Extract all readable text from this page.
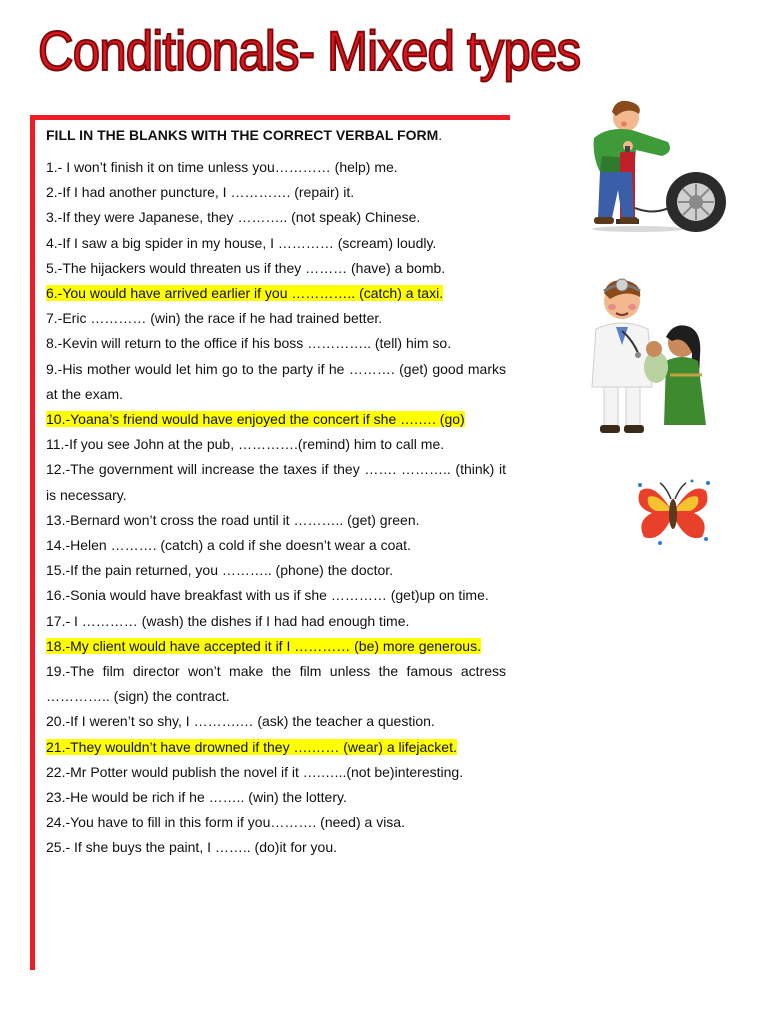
Conditionals- Mixed types

FILL IN THE BLANKS WITH THE CORRECT VERBAL FORM.

1.- I won’t finish it on time unless you………… (help) me.
2.-If I had another puncture, I …………. (repair) it.
3.-If they were Japanese, they ……….. (not speak) Chinese.
4.-If I saw a big spider in my house, I ………… (scream) loudly.
5.-The hijackers would threaten us if they ……… (have) a bomb.
6.-You would have arrived earlier if you ………….. (catch) a taxi.
7.-Eric ………… (win) the race if he had trained better.
8.-Kevin will return to the office if his boss ………….. (tell) him so.
9.-His mother would let him go to the party if he ………. (get) good marks at the exam.
10.-Yoana’s friend would have enjoyed the concert if she ….…. (go)
11.-If you see John at the pub, ………….(remind) him to call me.
12.-The government will increase the taxes if they ……. ……….. (think) it is necessary.
13.-Bernard won’t cross the road until it ……….. (get) green.
14.-Helen ………. (catch) a cold if she doesn’t wear a coat.
15.-If the pain returned, you ……….. (phone) the doctor.
16.-Sonia would have breakfast with us if she ………… (get)up on time.
17.- I ………… (wash) the dishes if I had had enough time.
18.-My client would have accepted it if I ………… (be) more generous.
19.-The film director won’t make the film unless the famous actress ………….. (sign) the contract.
20.-If I weren’t so shy, I ……….… (ask) the teacher a question.
21.-They wouldn’t have drowned if they ….…… (wear) a lifejacket.
22.-Mr Potter would publish the novel if it ….…...(not be)interesting.
23.-He would be rich if he …….. (win) the lottery.
24.-You have to fill in this form if you………. (need) a visa.
25.- If she buys the paint, I …….. (do)it for you.
